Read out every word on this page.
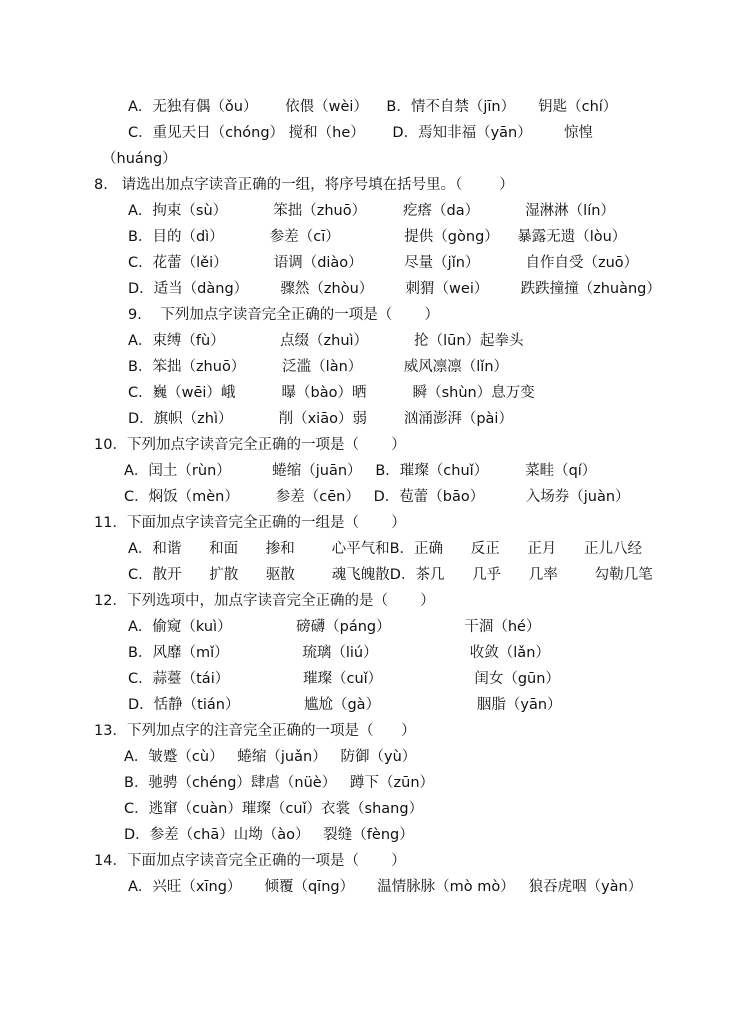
A．无独有偶（ǒu）      依偎（wèi）    B．情不自禁（jīn）     钥匙（chí）
C．重见天日（chóng） 搅和（he）      D．焉知非福（yān）       惊惶
（huáng）
8.   请选出加点字读音正确的一组，将序号填在括号里。（        ）
A．拘束（sù）          笨拙（zhuō）        疙瘩（da）          湿淋淋（lín）
B．目的（dì）          参差（cī）              提供（gòng）    暴露无遗（lòu）
C．花蕾（lěi）          语调（diào）         尽量（jǐn）          自作自受（zuō）
D．适当（dàng）       骤然（zhòu）       刺猬（wei）       跌跌撞撞（zhuàng）
9.    下列加点字读音完全正确的一项是（       ）
A．束缚（fù）            点缀（zhuì）          抡（lūn）起拳头
B．笨拙（zhuō）        泛滥（làn）         威风凛凛（lǐn）
C．巍（wēi）峨          曝（bào）晒          瞬（shùn）息万变
D．旗帜（zhì）          削（xiāo）弱        汹涌澎湃（pài）
10．下列加点字读音完全正确的一项是（       ）
A．闰土（rùn）         蜷缩（juān）   B．璀璨（chuǐ）        菜畦（qí）
C．焖饭（mèn）        参差（cēn）   D．苞蕾（bāo）         入场券（juàn）
11．下面加点字读音完全正确的一组是（       ）
A．和谐      和面      掺和        心平气和B．正确      反正      正月      正儿八经
C．散开      扩散      驱散        魂飞魄散D．茶几      几乎      几率        勾勒几笔
12．下列选项中，加点字读音完全正确的是（       ）
A．偷窥（kuì）              磅礴（páng）                干涸（hé）
B．风靡（mǐ）                琉璃（liú）                    收敛（lǎn）
C．蒜薹（tái）                璀璨（cuǐ）                    闺女（gūn）
D．恬静（tián）              尴尬（gà）                     胭脂（yān）
13．下列加点字的注音完全正确的一项是（      ）
A．皱蹙（cù）   蜷缩（juǎn）   防御（yù）
B．驰骋（chéng）肆虐（nüè）   蹲下（zūn）
C．逃窜（cuàn）璀璨（cuǐ）衣裳（shang）
D．参差（chā）山坳（ào）   裂缝（fèng）
14．下面加点字读音完全正确的一项是（       ）
A．兴旺（xīng）     倾覆（qīng）     温情脉脉（mò mò）   狼吞虎咽（yàn）
